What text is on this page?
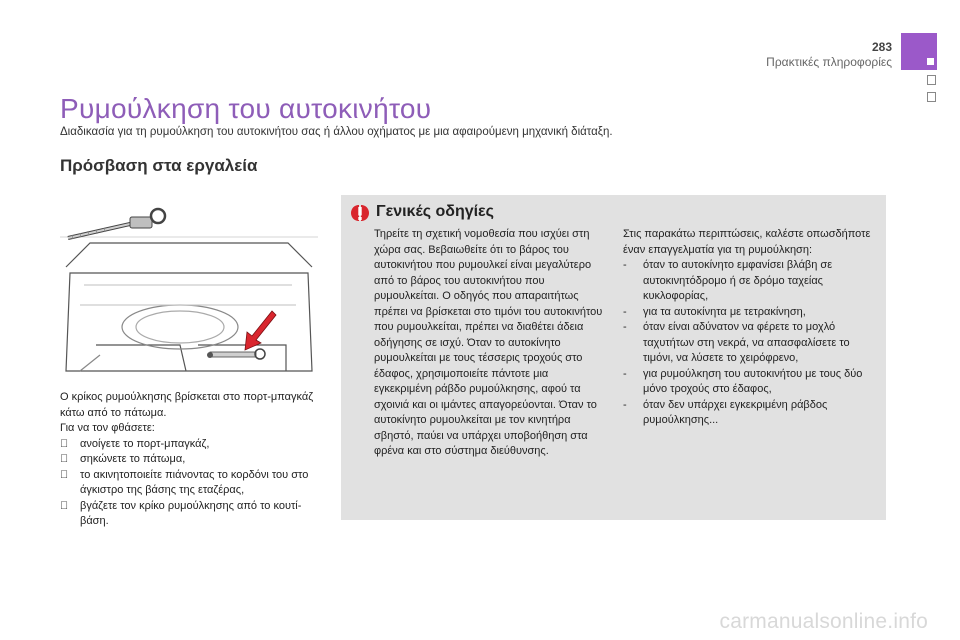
283
Πρακτικές πληροφορίες
Ρυμούλκηση του αυτοκινήτου
Διαδικασία για τη ρυμούλκηση του αυτοκινήτου σας ή άλλου οχήματος με μια αφαιρούμενη μηχανική διάταξη.
Πρόσβαση στα εργαλεία
Ο κρίκος ρυμούλκησης βρίσκεται στο πορτ-μπαγκάζ κάτω από το πάτωμα.
Για να τον φθάσετε:
ανοίγετε το πορτ-μπαγκάζ,
σηκώνετε το πάτωμα,
το ακινητοποιείτε πιάνοντας το κορδόνι του στο άγκιστρο της βάσης της εταζέρας,
βγάζετε τον κρίκο ρυμούλκησης από το κουτί-βάση.
Γενικές οδηγίες
Τηρείτε τη σχετική νομοθεσία που ισχύει στη χώρα σας. Βεβαιωθείτε ότι το βάρος του αυτοκινήτου που ρυμουλκεί είναι μεγαλύτερο από το βάρος του αυτοκινήτου που ρυμουλκείται. Ο οδηγός που απαραιτήτως πρέπει να βρίσκεται στο τιμόνι του αυτοκινήτου που ρυμουλκείται, πρέπει να διαθέτει άδεια οδήγησης σε ισχύ. Όταν το αυτοκίνητο ρυμουλκείται με τους τέσσερις τροχούς στο έδαφος, χρησιμοποιείτε πάντοτε μια εγκεκριμένη ράβδο ρυμούλκησης, αφού τα σχοινιά και οι ιμάντες απαγορεύονται. Όταν το αυτοκίνητο ρυμουλκείται με τον κινητήρα σβηστό, παύει να υπάρχει υποβοήθηση στα φρένα και στο σύστημα διεύθυνσης.
Στις παρακάτω περιπτώσεις, καλέστε οπωσδήποτε έναν επαγγελματία για τη ρυμούλκηση:
- όταν το αυτοκίνητο εμφανίσει βλάβη σε αυτοκινητόδρομο ή σε δρόμο ταχείας κυκλοφορίας,
- για τα αυτοκίνητα με τετρακίνηση,
- όταν είναι αδύνατον να φέρετε το μοχλό ταχυτήτων στη νεκρά, να απασφαλίσετε το τιμόνι, να λύσετε το χειρόφρενο,
- για ρυμούλκηση του αυτοκινήτου με τους δύο μόνο τροχούς στο έδαφος,
- όταν δεν υπάρχει εγκεκριμένη ράβδος ρυμούλκησης...
carmanualsonline.info
